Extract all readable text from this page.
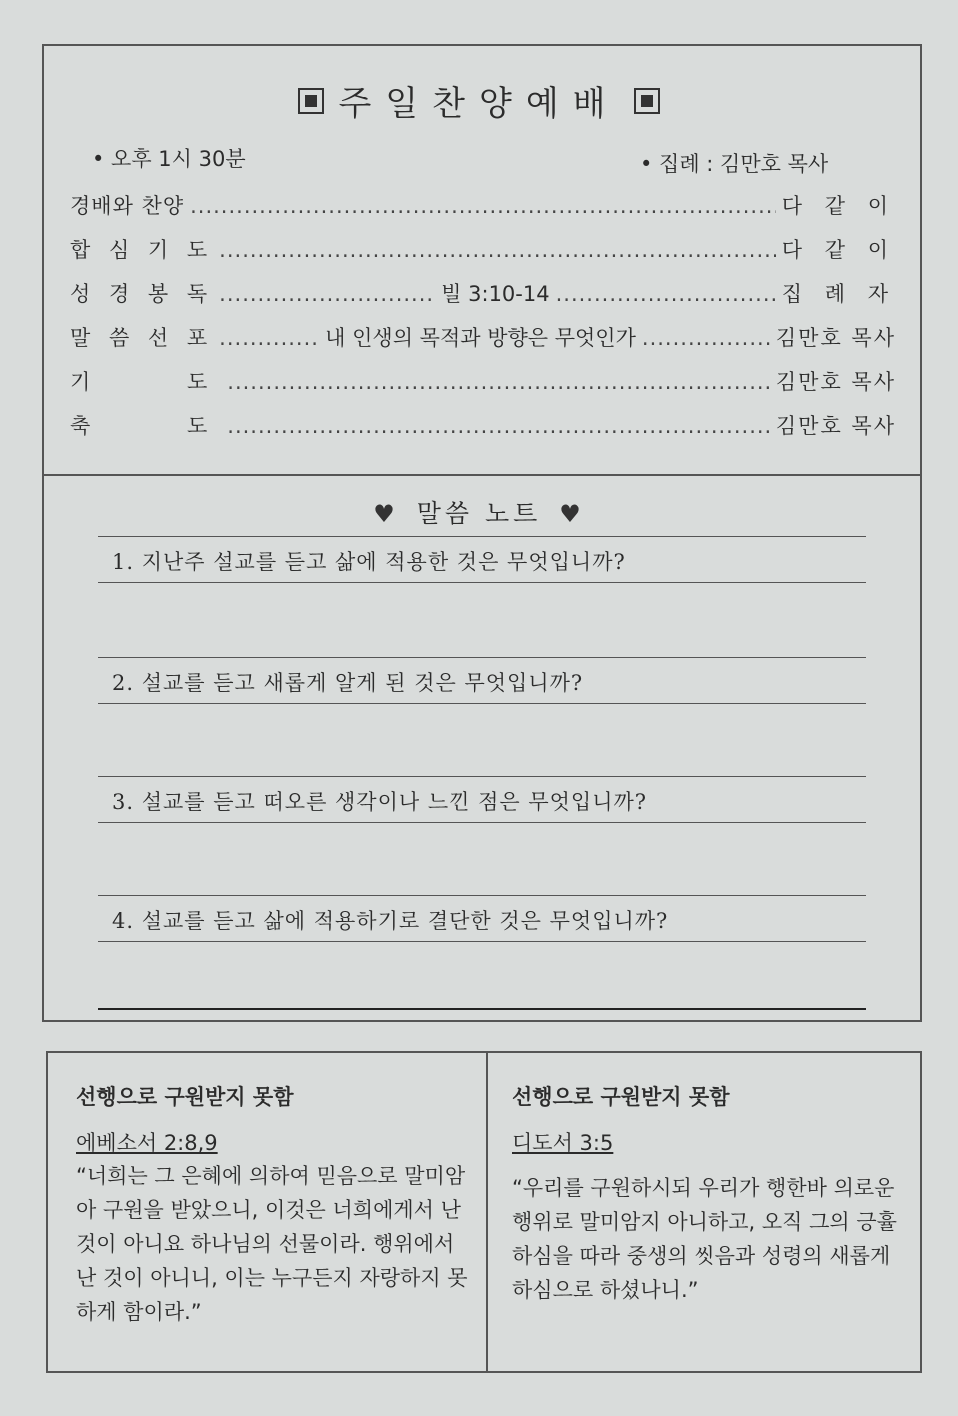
주일찬양예배
• 오후 1시 30분	• 집례 : 김만호 목사
경배와 찬양 .....	다 같 이
합 심 기 도 .....	다 같 이
성 경 봉 독 .....	빌 3:10-14 .....	집 례 자
말 씀 선 포 .....	내 인생의 목적과 방향은 무엇인가 .....	김만호 목사
기    도 .....	김만호 목사
축    도 .....	김만호 목사
♥ 말씀 노트 ♥
1. 지난주 설교를 듣고 삶에 적용한 것은 무엇입니까?
2. 설교를 듣고 새롭게 알게 된 것은 무엇입니까?
3. 설교를 듣고 떠오른 생각이나 느낀 점은 무엇입니까?
4. 설교를 듣고 삶에 적용하기로 결단한 것은 무엇입니까?
선행으로 구원받지 못함
에베소서 2:8,9
“너희는 그 은혜에 의하여 믿음으로 말미암아 구원을 받았으니, 이것은 너희에게서 난 것이 아니요 하나님의 선물이라. 행위에서 난 것이 아니니, 이는 누구든지 자랑하지 못하게 함이라.”
선행으로 구원받지 못함
디도서 3:5
“우리를 구원하시되 우리가 행한바 의로운 행위로 말미암지 아니하고, 오직 그의 긍휼하심을 따라 중생의 씻음과 성령의 새롭게 하심으로 하셨나니.”
